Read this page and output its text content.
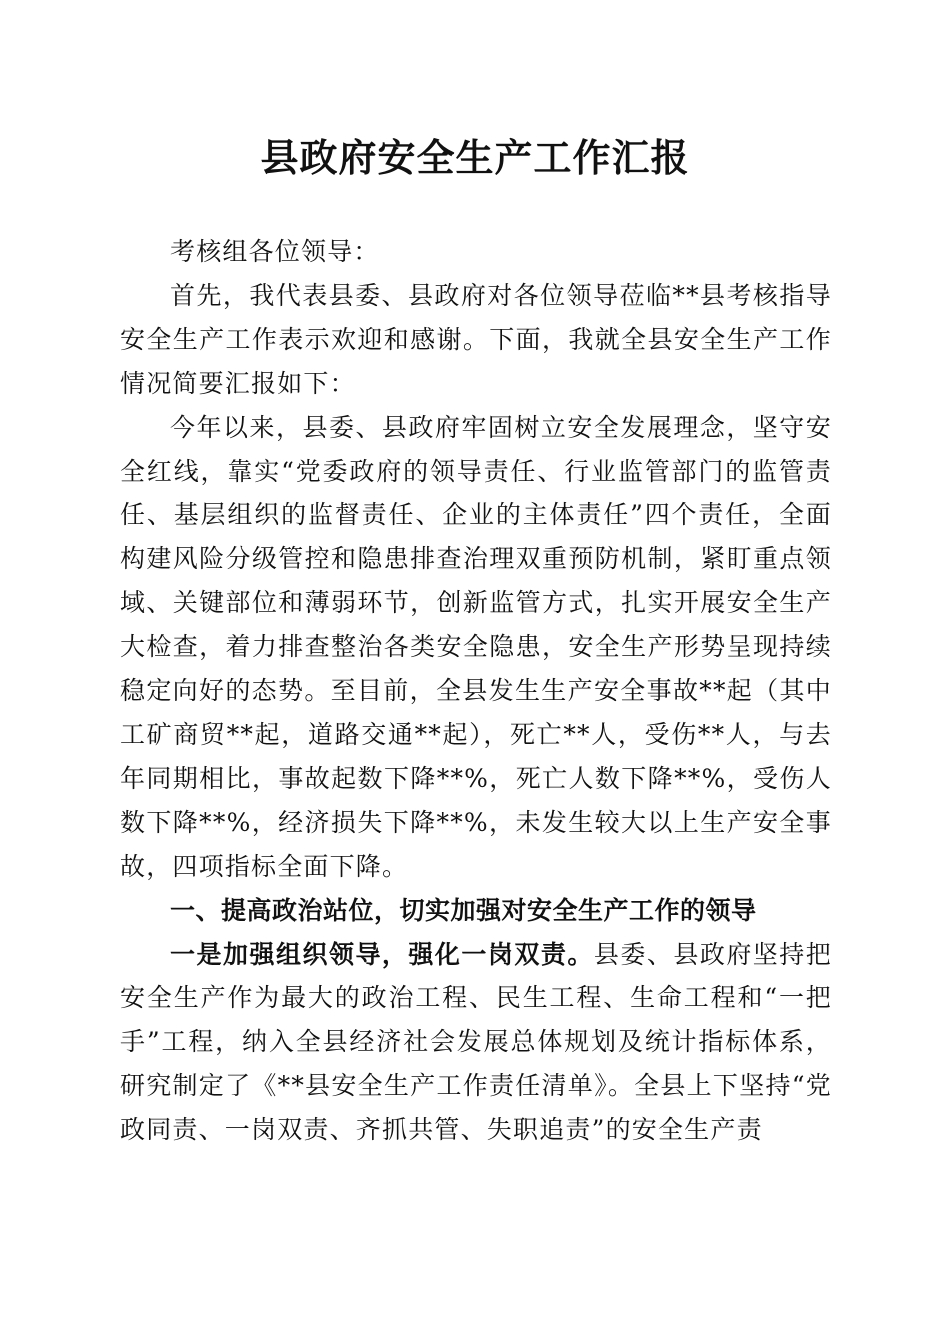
县政府安全生产工作汇报

考核组各位领导：

首先，我代表县委、县政府对各位领导莅临**县考核指导安全生产工作表示欢迎和感谢。下面，我就全县安全生产工作情况简要汇报如下：

今年以来，县委、县政府牢固树立安全发展理念，坚守安全红线，靠实“党委政府的领导责任、行业监管部门的监管责任、基层组织的监督责任、企业的主体责任”四个责任，全面构建风险分级管控和隐患排查治理双重预防机制，紧盯重点领域、关键部位和薄弱环节，创新监管方式，扎实开展安全生产大检查，着力排查整治各类安全隐患，安全生产形势呈现持续稳定向好的态势。至目前，全县发生生产安全事故**起（其中工矿商贸**起，道路交通**起），死亡**人，受伤**人，与去年同期相比，事故起数下降**%，死亡人数下降**%，受伤人数下降**%，经济损失下降**%，未发生较大以上生产安全事故，四项指标全面下降。

一、提高政治站位，切实加强对安全生产工作的领导

一是加强组织领导，强化一岗双责。县委、县政府坚持把安全生产作为最大的政治工程、民生工程、生命工程和“一把手”工程，纳入全县经济社会发展总体规划及统计指标体系，研究制定了《**县安全生产工作责任清单》。全县上下坚持“党政同责、一岗双责、齐抓共管、失职追责”的安全生产责
